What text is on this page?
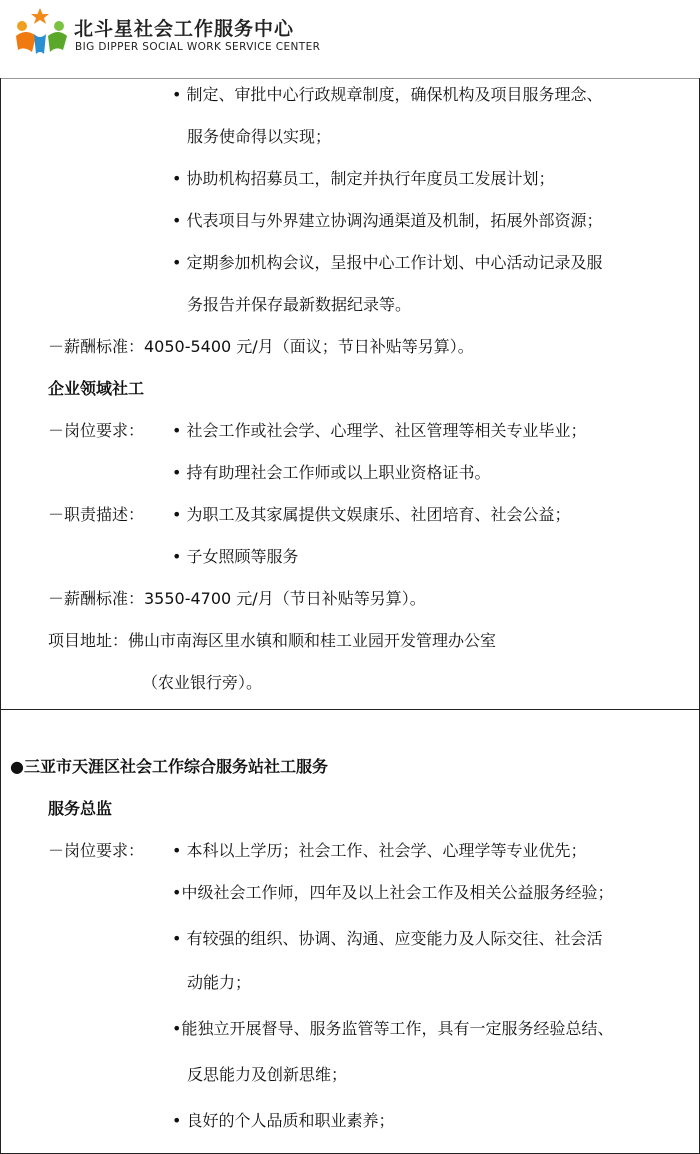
北斗星社会工作服务中心
BIG DIPPER SOCIAL WORK SERVICE CENTER
• 制定、审批中心行政规章制度，确保机构及项目服务理念、
服务使命得以实现；
• 协助机构招募员工，制定并执行年度员工发展计划；
• 代表项目与外界建立协调沟通渠道及机制，拓展外部资源；
• 定期参加机构会议，呈报中心工作计划、中心活动记录及服
务报告并保存最新数据纪录等。
－薪酬标准：4050-5400 元/月（面议；节日补贴等另算）。
企业领域社工
－岗位要求： • 社会工作或社会学、心理学、社区管理等相关专业毕业；
• 持有助理社会工作师或以上职业资格证书。
－职责描述： • 为职工及其家属提供文娱康乐、社团培育、社会公益；
• 子女照顾等服务
－薪酬标准：3550-4700 元/月（节日补贴等另算）。
项目地址：佛山市南海区里水镇和顺和桂工业园开发管理办公室
（农业银行旁）。
●三亚市天涯区社会工作综合服务站社工服务
服务总监
－岗位要求： • 本科以上学历；社会工作、社会学、心理学等专业优先；
•中级社会工作师，四年及以上社会工作及相关公益服务经验；
• 有较强的组织、协调、沟通、应变能力及人际交往、社会活
动能力；
•能独立开展督导、服务监管等工作，具有一定服务经验总结、
反思能力及创新思维；
• 良好的个人品质和职业素养；
